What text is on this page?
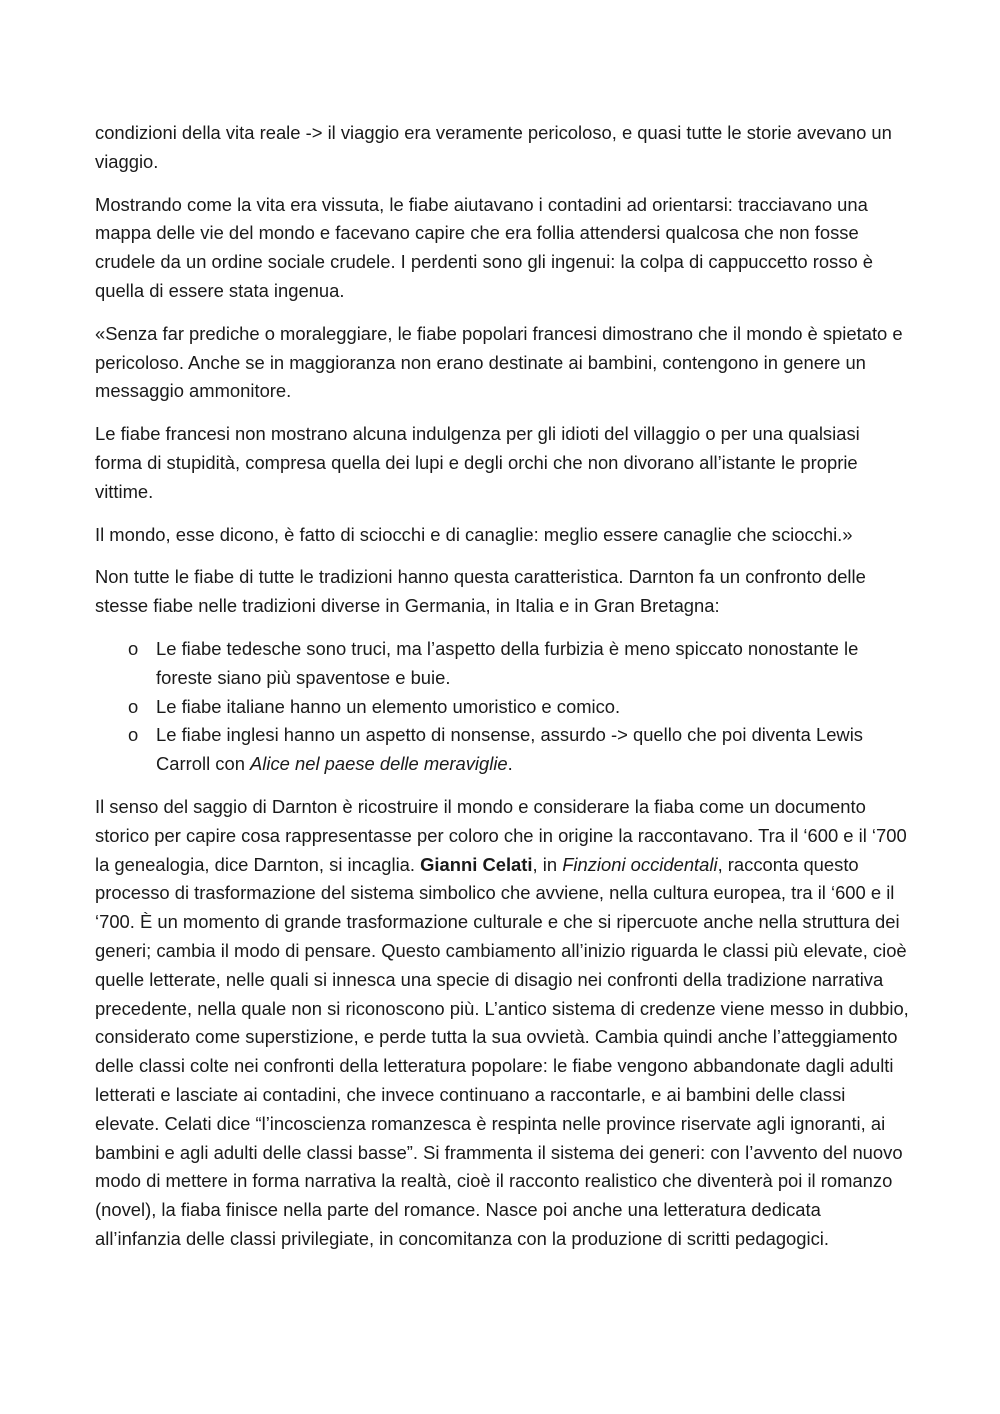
condizioni della vita reale -> il viaggio era veramente pericoloso, e quasi tutte le storie avevano un viaggio.

Mostrando come la vita era vissuta, le fiabe aiutavano i contadini ad orientarsi: tracciavano una mappa delle vie del mondo e facevano capire che era follia attendersi qualcosa che non fosse crudele da un ordine sociale crudele. I perdenti sono gli ingenui: la colpa di cappuccetto rosso è quella di essere stata ingenua.

«Senza far prediche o moraleggiare, le fiabe popolari francesi dimostrano che il mondo è spietato e pericoloso. Anche se in maggioranza non erano destinate ai bambini, contengono in genere un messaggio ammonitore.

Le fiabe francesi non mostrano alcuna indulgenza per gli idioti del villaggio o per una qualsiasi forma di stupidità, compresa quella dei lupi e degli orchi che non divorano all’istante le proprie vittime.

Il mondo, esse dicono, è fatto di sciocchi e di canaglie: meglio essere canaglie che sciocchi.»

Non tutte le fiabe di tutte le tradizioni hanno questa caratteristica. Darnton fa un confronto delle stesse fiabe nelle tradizioni diverse in Germania, in Italia e in Gran Bretagna:

o Le fiabe tedesche sono truci, ma l’aspetto della furbizia è meno spiccato nonostante le foreste siano più spaventose e buie.
o Le fiabe italiane hanno un elemento umoristico e comico.
o Le fiabe inglesi hanno un aspetto di nonsense, assurdo -> quello che poi diventa Lewis Carroll con Alice nel paese delle meraviglie.

Il senso del saggio di Darnton è ricostruire il mondo e considerare la fiaba come un documento storico per capire cosa rappresentasse per coloro che in origine la raccontavano. Tra il ‘600 e il ‘700 la genealogia, dice Darnton, si incaglia. Gianni Celati, in Finzioni occidentali, racconta questo processo di trasformazione del sistema simbolico che avviene, nella cultura europea, tra il ‘600 e il ‘700. È un momento di grande trasformazione culturale e che si ripercuote anche nella struttura dei generi; cambia il modo di pensare. Questo cambiamento all’inizio riguarda le classi più elevate, cioè quelle letterate, nelle quali si innesca una specie di disagio nei confronti della tradizione narrativa precedente, nella quale non si riconoscono più. L’antico sistema di credenze viene messo in dubbio, considerato come superstizione, e perde tutta la sua ovvietà. Cambia quindi anche l’atteggiamento delle classi colte nei confronti della letteratura popolare: le fiabe vengono abbandonate dagli adulti letterati e lasciate ai contadini, che invece continuano a raccontarle, e ai bambini delle classi elevate. Celati dice “l’incoscienza romanzesca è respinta nelle province riservate agli ignoranti, ai bambini e agli adulti delle classi basse”. Si frammenta il sistema dei generi: con l’avvento del nuovo modo di mettere in forma narrativa la realtà, cioè il racconto realistico che diventerà poi il romanzo (novel), la fiaba finisce nella parte del romance. Nasce poi anche una letteratura dedicata all’infanzia delle classi privilegiate, in concomitanza con la produzione di scritti pedagogici.
